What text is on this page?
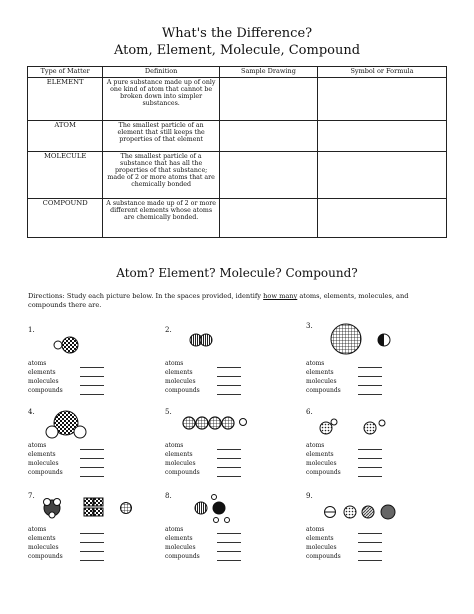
What's the Difference?
Atom, Element, Molecule, Compound
Type of Matter	Definition	Sample Drawing	Symbol or Formula
ELEMENT	A pure substance made up of only one kind of atom that cannot be broken down into simpler substances.		
ATOM	The smallest particle of an element that still keeps the properties of that element		
MOLECULE	The smallest particle of a substance that has all the properties of that substance; made of 2 or more atoms that are chemically bonded		
COMPOUND	A substance made up of 2 or more different elements whose atoms are chemically bonded.		
Atom? Element? Molecule? Compound?
Directions: Study each picture below. In the spaces provided, identify how many atoms, elements, molecules, and compounds there are.
1.
atoms
elements
molecules
compounds
2.
atoms
elements
molecules
compounds
3.
atoms
elements
molecules
compounds
4.
atoms
elements
molecules
compounds
5.
atoms
elements
molecules
compounds
6.
atoms
elements
molecules
compounds
7.
atoms
elements
molecules
compounds
8.
atoms
elements
molecules
compounds
9.
atoms
elements
molecules
compounds
